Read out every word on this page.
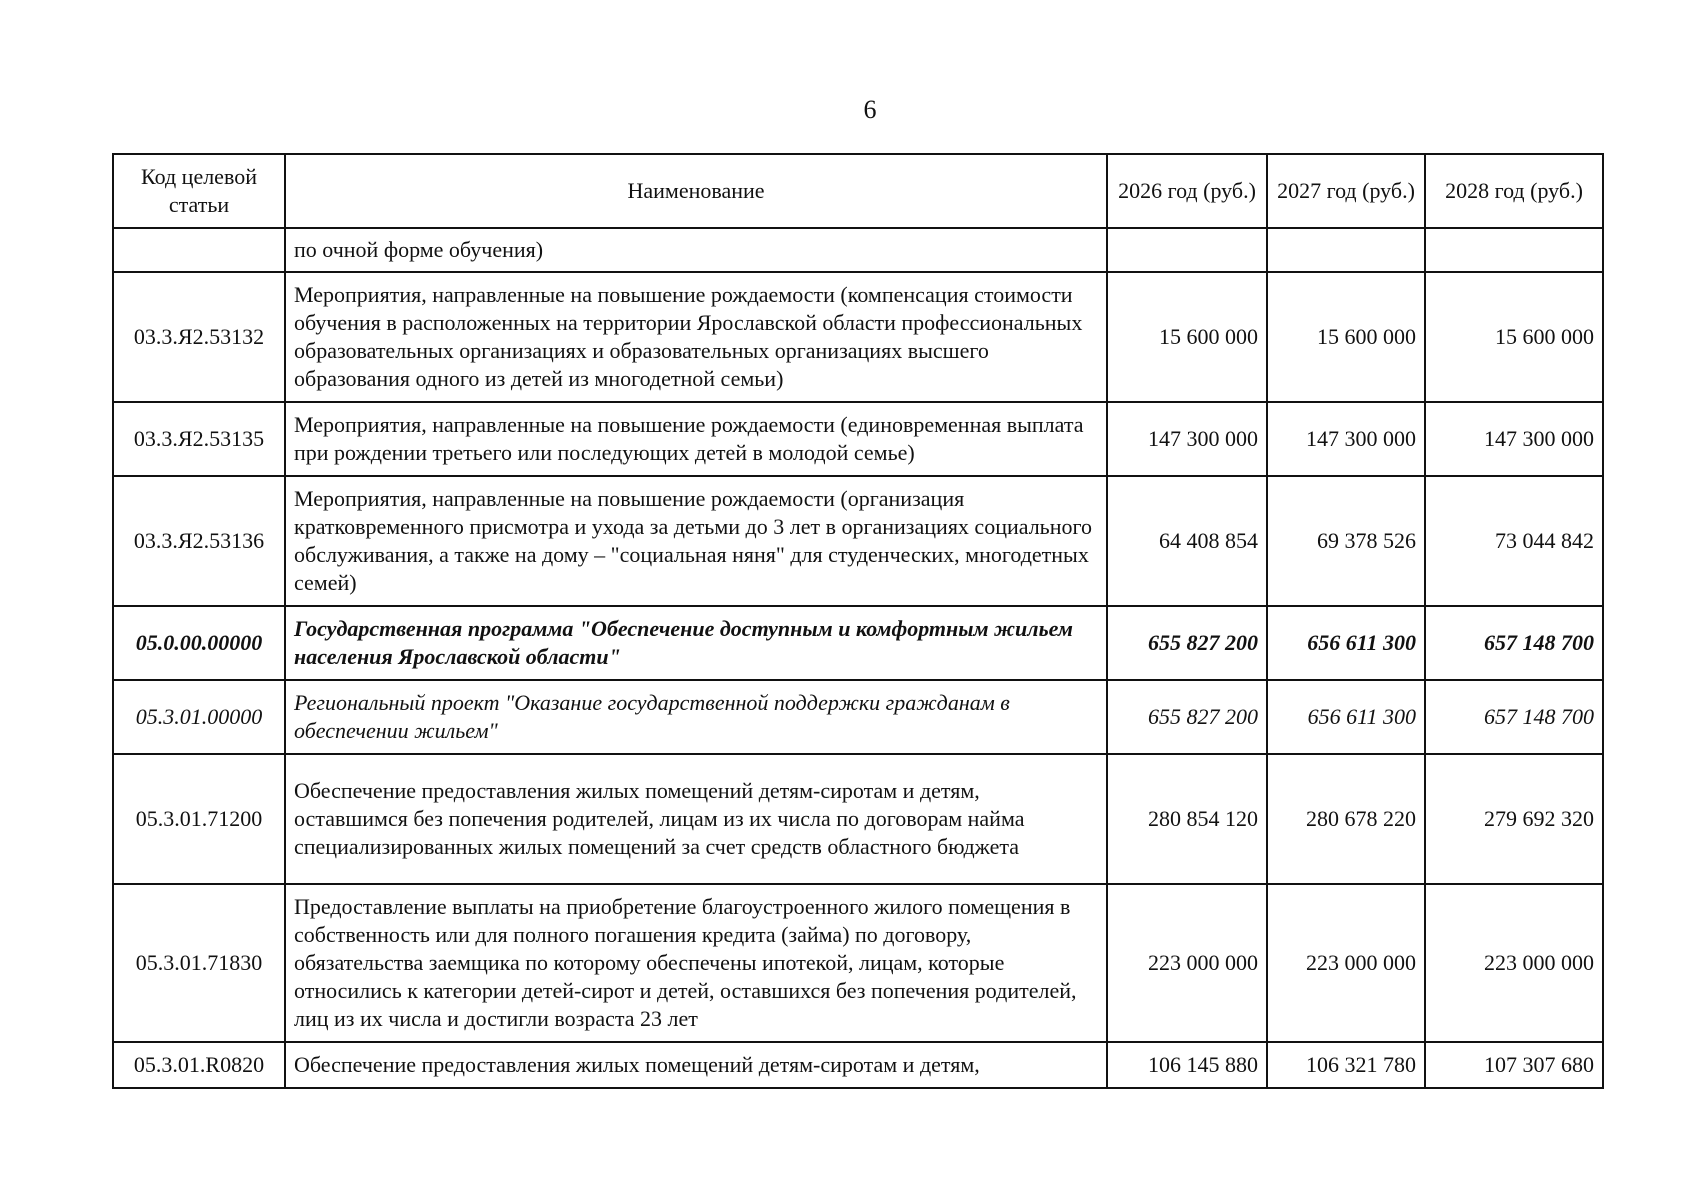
6
Код целевой статьи	Наименование	2026 год (руб.)	2027 год (руб.)	2028 год (руб.)
	по очной форме обучения)			
03.3.Я2.53132	Мероприятия, направленные на повышение рождаемости (компенсация стоимости обучения в расположенных на территории Ярославской области профессиональных образовательных организациях и образовательных организациях высшего образования одного из детей из многодетной семьи)	15 600 000	15 600 000	15 600 000
03.3.Я2.53135	Мероприятия, направленные на повышение рождаемости (единовременная выплата при рождении третьего или последующих детей в молодой семье)	147 300 000	147 300 000	147 300 000
03.3.Я2.53136	Мероприятия, направленные на повышение рождаемости (организация кратковременного присмотра и ухода за детьми до 3 лет в организациях социального обслуживания, а также на дому – "социальная няня" для студенческих, многодетных семей)	64 408 854	69 378 526	73 044 842
05.0.00.00000	Государственная программа "Обеспечение доступным и комфортным жильем населения Ярославской области"	655 827 200	656 611 300	657 148 700
05.3.01.00000	Региональный проект "Оказание государственной поддержки гражданам в обеспечении жильем"	655 827 200	656 611 300	657 148 700
05.3.01.71200	Обеспечение предоставления жилых помещений детям-сиротам и детям, оставшимся без попечения родителей, лицам из их числа по договорам найма специализированных жилых помещений за счет средств областного бюджета	280 854 120	280 678 220	279 692 320
05.3.01.71830	Предоставление выплаты на приобретение благоустроенного жилого помещения в собственность или для полного погашения кредита (займа) по договору, обязательства заемщика по которому обеспечены ипотекой, лицам, которые относились к категории детей-сирот и детей, оставшихся без попечения родителей, лиц из их числа и достигли возраста 23 лет	223 000 000	223 000 000	223 000 000
05.3.01.R0820	Обеспечение предоставления жилых помещений детям-сиротам и детям,	106 145 880	106 321 780	107 307 680
